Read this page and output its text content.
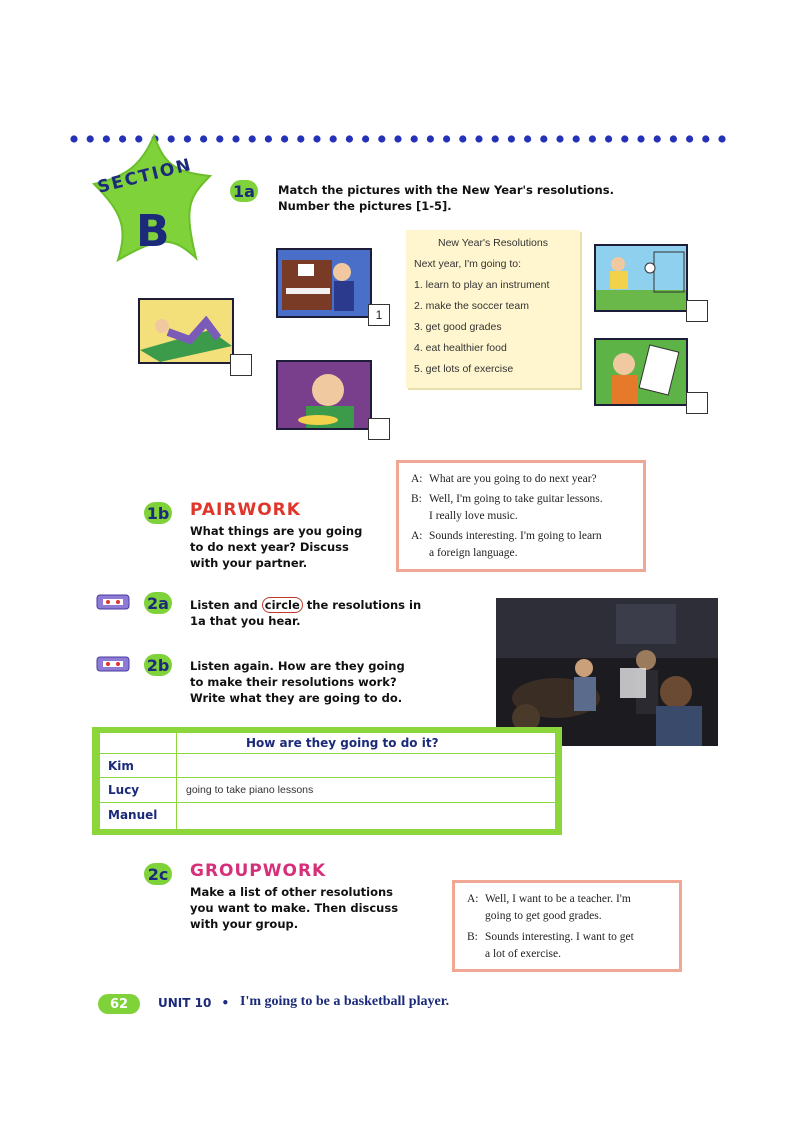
SECTION
B
1a Match the pictures with the New Year's resolutions.
Number the pictures [1-5].
1
New Year's Resolutions
Next year, I'm going to:
1. learn to play an instrument
2. make the soccer team
3. get good grades
4. eat healthier food
5. get lots of exercise
1b PAIRWORK
What things are you going
to do next year? Discuss
with your partner.
A: What are you going to do next year?
B: Well, I'm going to take guitar lessons.
I really love music.
A: Sounds interesting. I'm going to learn
a foreign language.
2a Listen and circle the resolutions in
1a that you hear.
2b Listen again. How are they going
to make their resolutions work?
Write what they are going to do.
How are they going to do it?
Kim
Lucy	going to take piano lessons
Manuel
2c GROUPWORK
Make a list of other resolutions
you want to make. Then discuss
with your group.
A: Well, I want to be a teacher. I'm
going to get good grades.
B: Sounds interesting. I want to get
a lot of exercise.
62	UNIT 10 • I'm going to be a basketball player.
